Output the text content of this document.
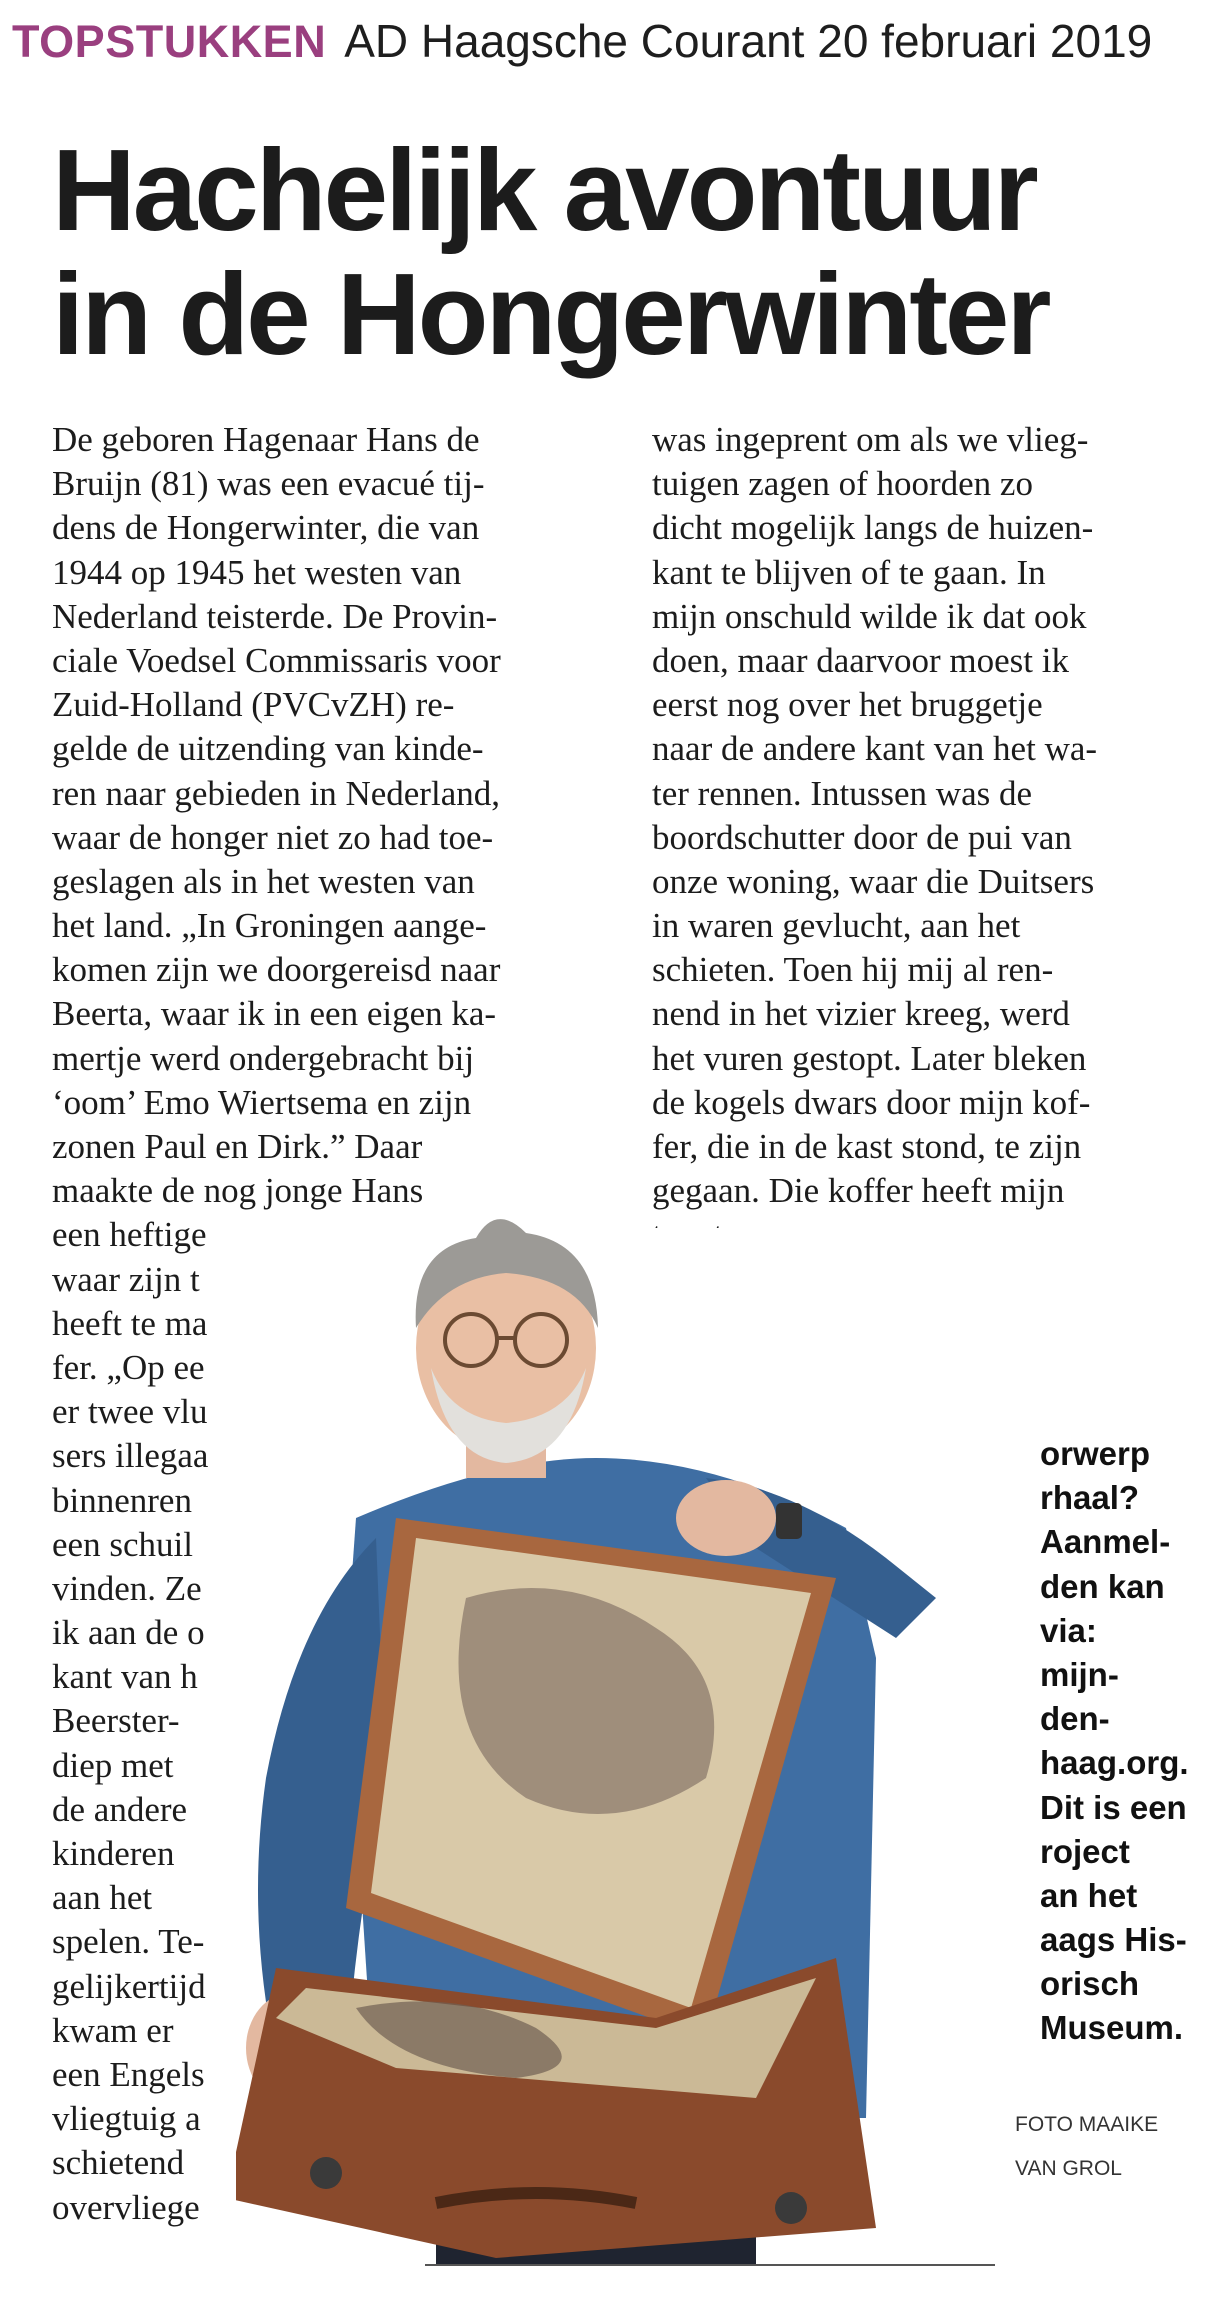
TOPSTUKKEN AD Haagsche Courant 20 februari 2019
Hachelijk avontuur
in de Hongerwinter
De geboren Hagenaar Hans de
Bruijn (81) was een evacué tij-
dens de Hongerwinter, die van
1944 op 1945 het westen van
Nederland teisterde. De Provin-
ciale Voedsel Commissaris voor
Zuid-Holland (PVCvZH) re-
gelde de uitzending van kinde-
ren naar gebieden in Nederland,
waar de honger niet zo had toe-
geslagen als in het westen van
het land. „In Groningen aange-
komen zijn we doorgereisd naar
Beerta, waar ik in een eigen ka-
mertje werd ondergebracht bij
‘oom’ Emo Wiertsema en zijn
zonen Paul en Dirk.” Daar
maakte de nog jonge Hans
een heftige
waar zijn t
heeft te ma
fer. „Op ee
er twee vlu
sers illegaa
binnenren
een schuil
vinden. Ze
ik aan de o
kant van h
Beerster-
diep met
de andere
kinderen
aan het
spelen. Te-
gelijkertijd
kwam er
een Engels
vliegtuig a
schietend
overvliege
was ingeprent om als we vlieg-
tuigen zagen of hoorden zo
dicht mogelijk langs de huizen-
kant te blijven of te gaan. In
mijn onschuld wilde ik dat ook
doen, maar daarvoor moest ik
eerst nog over het bruggetje
naar de andere kant van het wa-
ter rennen. Intussen was de
boordschutter door de pui van
onze woning, waar die Duitsers
in waren gevlucht, aan het
schieten. Toen hij mij al ren-
nend in het vizier kreeg, werd
het vuren gestopt. Later bleken
de kogels dwars door mijn kof-
fer, die in de kast stond, te zijn
gegaan. Die koffer heeft mijn
orwerp
rhaal?
Aanmel-
den kan
via:
mijn-
den-
haag.org.
Dit is een
roject
an het
aags His-
orisch
Museum.
FOTO MAAIKE
VAN GROL
